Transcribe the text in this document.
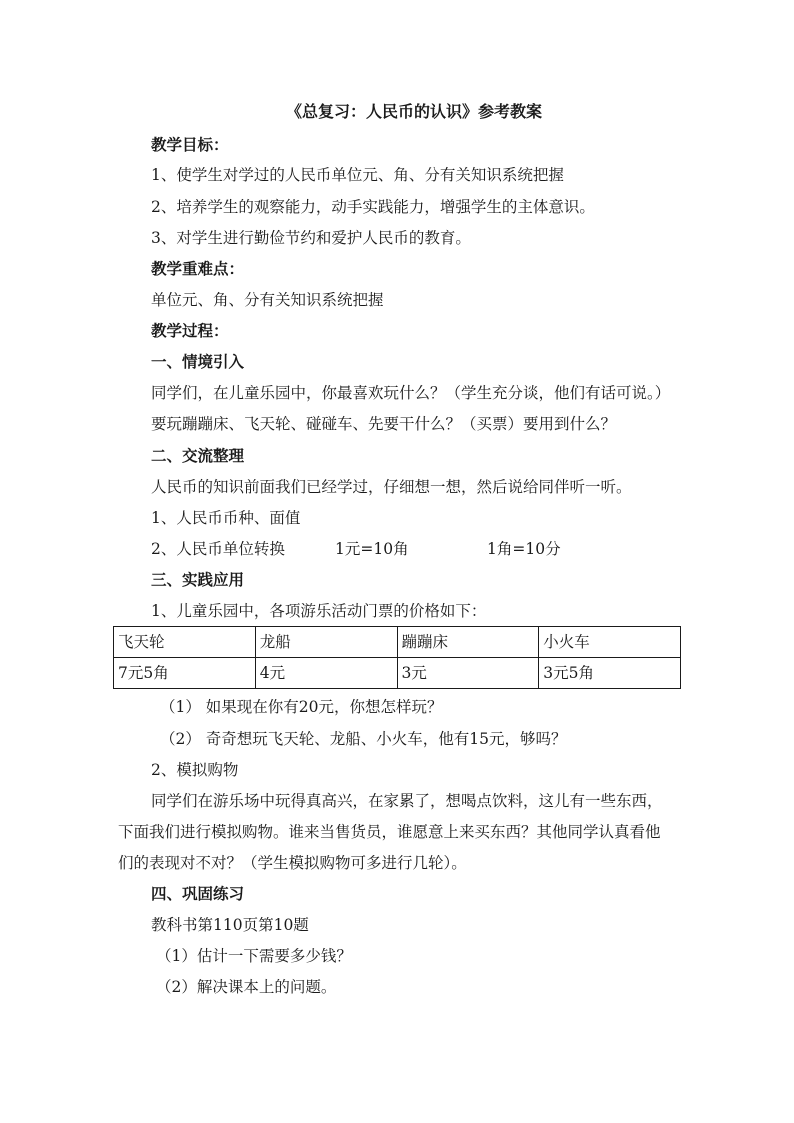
《总复习：人民币的认识》参考教案
教学目标：
1、使学生对学过的人民币单位元、角、分有关知识系统把握
2、培养学生的观察能力，动手实践能力，增强学生的主体意识。
3、对学生进行勤俭节约和爱护人民币的教育。
教学重难点：
单位元、角、分有关知识系统把握
教学过程：
一、情境引入
同学们，在儿童乐园中，你最喜欢玩什么？（学生充分谈，他们有话可说。）
要玩蹦蹦床、飞天轮、碰碰车、先要干什么？（买票）要用到什么？
二、交流整理
人民币的知识前面我们已经学过，仔细想一想，然后说给同伴听一听。
1、人民币币种、面值
2、人民币单位转换	1元=10角	1角=10分
三、实践应用
1、儿童乐园中，各项游乐活动门票的价格如下：
飞天轮	龙船	蹦蹦床	小火车
7元5角	4元	3元	3元5角
（1） 如果现在你有20元，你想怎样玩？
（2） 奇奇想玩飞天轮、龙船、小火车，他有15元，够吗？
2、模拟购物
同学们在游乐场中玩得真高兴，在家累了，想喝点饮料，这儿有一些东西，
下面我们进行模拟购物。谁来当售货员，谁愿意上来买东西？其他同学认真看他
们的表现对不对？（学生模拟购物可多进行几轮）。
四、巩固练习
教科书第110页第10题
（1）估计一下需要多少钱？
（2）解决课本上的问题。
